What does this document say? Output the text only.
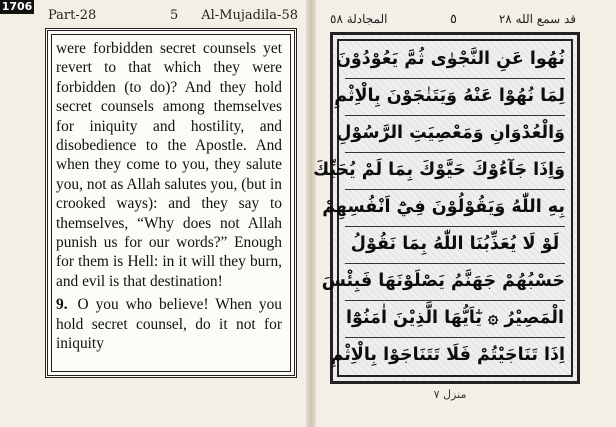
1706
Part-28	5 Al-Mujadila-58

were forbidden secret counsels yet revert to that which they were forbidden (to do)? And they hold secret counsels among themselves for iniquity and hostility, and disobedience to the Apostle. And when they come to you, they salute you, not as Allah salutes you, (but in crooked ways): and they say to themselves, “Why does not Allah punish us for our words?” Enough for them is Hell: in it will they burn, and evil is that destination!

9. O you who believe! When you hold secret counsel, do it not for iniquity

المجادلة ٥٨	٥	قد سمع الله ٢٨
نُهُوا عَنِ النَّجْوٰى ثُمَّ يَعُوْدُوْنَ
لِمَا نُهُوْا عَنْهُ وَيَتَنٰجَوْنَ بِالْاِثْمِ
وَالْعُدْوَانِ وَمَعْصِيَتِ الرَّسُوْلِ
وَاِذَا جَآءُوْكَ حَيَّوْكَ بِمَا لَمْ يُحَيِّكَ
بِهِ اللّٰهُ وَيَقُوْلُوْنَ فِيْٓ اَنْفُسِهِمْ
لَوْ لَا يُعَذِّبُنَا اللّٰهُ بِمَا نَقُوْلُ
حَسْبُهُمْ جَهَنَّمُ يَصْلَوْنَهَا فَبِئْسَ
الْمَصِيْرُ ۞ يٰٓاَيُّهَا الَّذِيْنَ اٰمَنُوْٓا
اِذَا تَنَاجَيْتُمْ فَلَا تَتَنَاجَوْا بِالْاِثْمِ
منزل ٧
